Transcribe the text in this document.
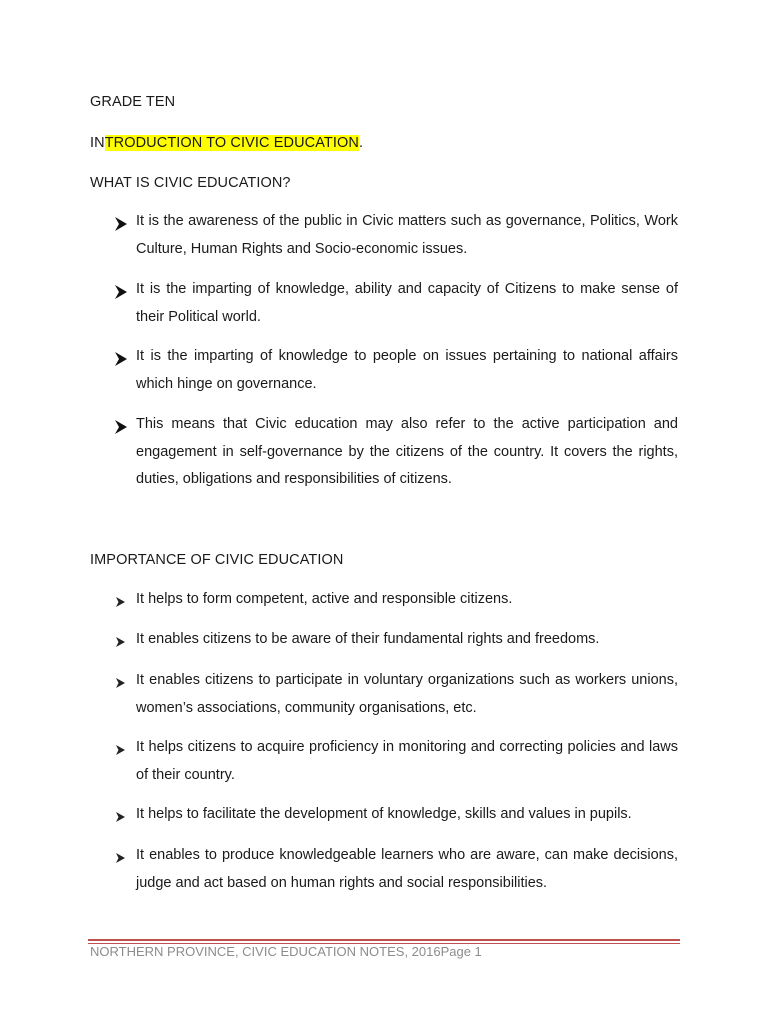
GRADE TEN
INTRODUCTION TO CIVIC EDUCATION.
WHAT IS CIVIC EDUCATION?
It is the awareness of the public in Civic matters such as governance, Politics, Work Culture, Human Rights and Socio-economic issues.
It is the imparting of knowledge, ability and capacity of Citizens to make sense of their Political world.
It is the imparting of knowledge to people on issues pertaining to national affairs which hinge on governance.
This means that Civic education may also refer to the active participation and engagement in self-governance by the citizens of the country. It covers the rights, duties, obligations and responsibilities of citizens.
IMPORTANCE OF CIVIC EDUCATION
It helps to form competent, active and responsible citizens.
It enables citizens to be aware of their fundamental rights and freedoms.
It enables citizens to participate in voluntary organizations such as workers unions, women’s associations, community organisations, etc.
It helps citizens to acquire proficiency in monitoring and correcting policies and laws of their country.
It helps to facilitate the development of knowledge, skills and values in pupils.
It enables to produce knowledgeable learners who are aware, can make decisions, judge and act based on human rights and social responsibilities.
NORTHERN PROVINCE, CIVIC EDUCATION NOTES, 2016Page 1
